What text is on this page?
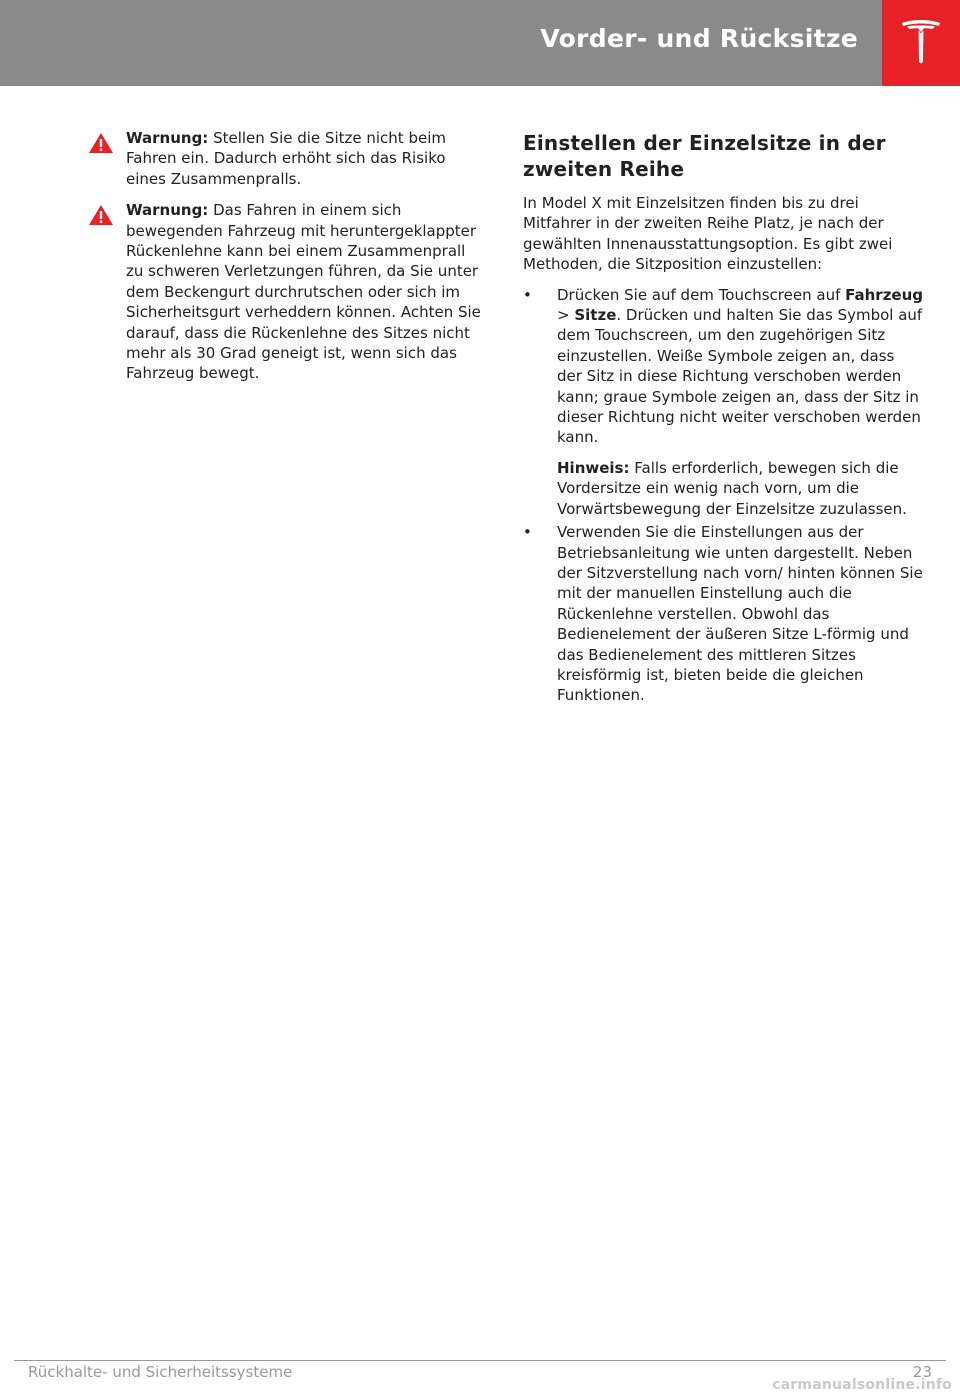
Vorder- und Rücksitze
Warnung: Stellen Sie die Sitze nicht beim Fahren ein. Dadurch erhöht sich das Risiko eines Zusammenpralls.
Warnung: Das Fahren in einem sich bewegenden Fahrzeug mit heruntergeklappter Rückenlehne kann bei einem Zusammenprall zu schweren Verletzungen führen, da Sie unter dem Beckengurt durchrutschen oder sich im Sicherheitsgurt verheddern können. Achten Sie darauf, dass die Rückenlehne des Sitzes nicht mehr als 30 Grad geneigt ist, wenn sich das Fahrzeug bewegt.
Einstellen der Einzelsitze in der zweiten Reihe

In Model X mit Einzelsitzen finden bis zu drei Mitfahrer in der zweiten Reihe Platz, je nach der gewählten Innenausstattungsoption. Es gibt zwei Methoden, die Sitzposition einzustellen:

• Drücken Sie auf dem Touchscreen auf Fahrzeug > Sitze. Drücken und halten Sie das Symbol auf dem Touchscreen, um den zugehörigen Sitz einzustellen. Weiße Symbole zeigen an, dass der Sitz in diese Richtung verschoben werden kann; graue Symbole zeigen an, dass der Sitz in dieser Richtung nicht weiter verschoben werden kann.
Hinweis: Falls erforderlich, bewegen sich die Vordersitze ein wenig nach vorn, um die Vorwärtsbewegung der Einzelsitze zuzulassen.
• Verwenden Sie die Einstellungen aus der Betriebsanleitung wie unten dargestellt. Neben der Sitzverstellung nach vorn/ hinten können Sie mit der manuellen Einstellung auch die Rückenlehne verstellen. Obwohl das Bedienelement der äußeren Sitze L-förmig und das Bedienelement des mittleren Sitzes kreisförmig ist, bieten beide die gleichen Funktionen.
Rückhalte- und Sicherheitssysteme	23
carmanualsonline.info
